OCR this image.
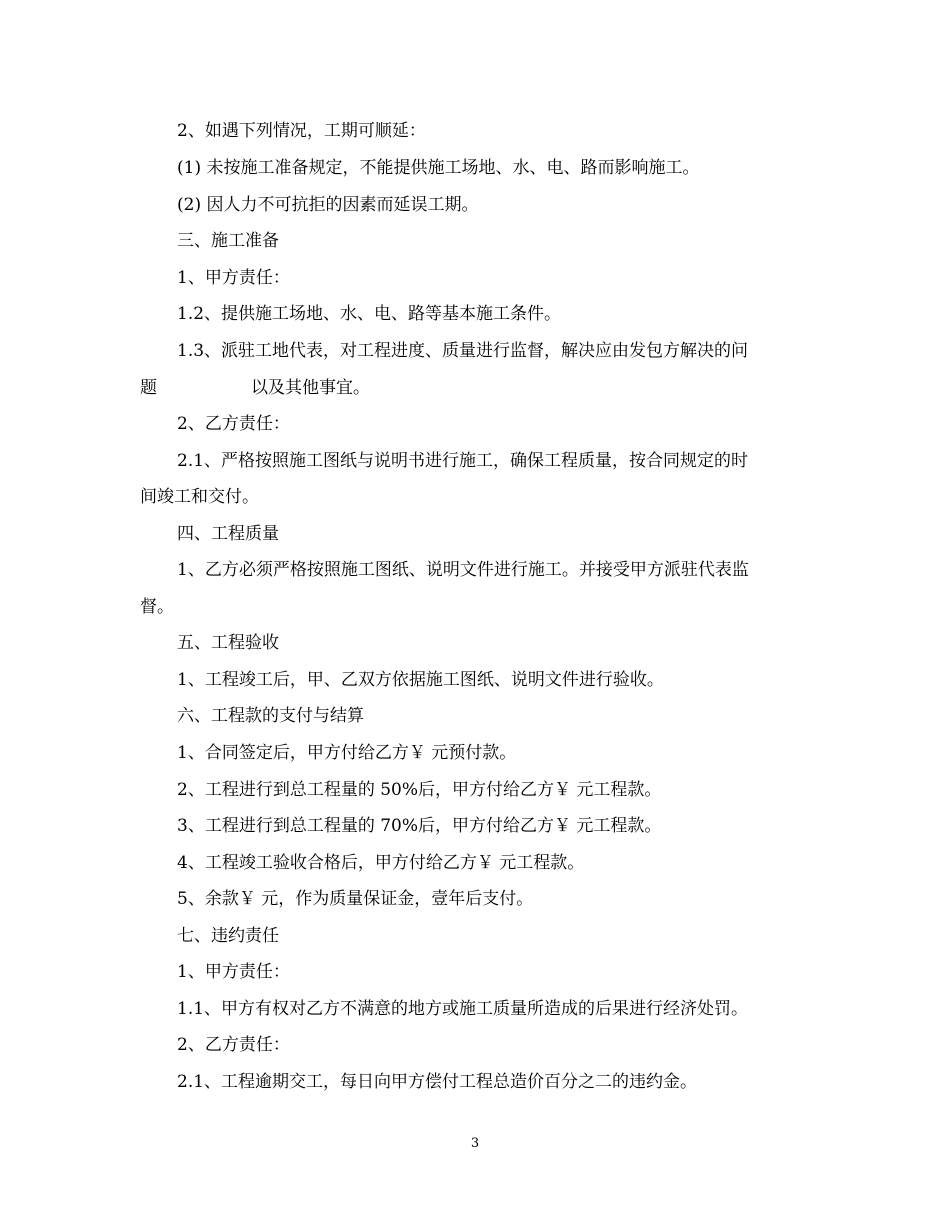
2、如遇下列情况，工期可顺延：
(1) 未按施工准备规定，不能提供施工场地、水、电、路而影响施工。
(2) 因人力不可抗拒的因素而延误工期。
三、施工准备
1、甲方责任：
1.2、提供施工场地、水、电、路等基本施工条件。
1.3、派驻工地代表，对工程进度、质量进行监督，解决应由发包方解决的问
题	以及其他事宜。
2、乙方责任：
2.1、严格按照施工图纸与说明书进行施工，确保工程质量，按合同规定的时
间竣工和交付。
四、工程质量
1、乙方必须严格按照施工图纸、说明文件进行施工。并接受甲方派驻代表监
督。
五、工程验收
1、工程竣工后，甲、乙双方依据施工图纸、说明文件进行验收。
六、工程款的支付与结算
1、合同签定后，甲方付给乙方￥ 元预付款。
2、工程进行到总工程量的 50%后，甲方付给乙方￥ 元工程款。
3、工程进行到总工程量的 70%后，甲方付给乙方￥ 元工程款。
4、工程竣工验收合格后，甲方付给乙方￥ 元工程款。
5、余款￥ 元，作为质量保证金，壹年后支付。
七、违约责任
1、甲方责任：
1.1、甲方有权对乙方不满意的地方或施工质量所造成的后果进行经济处罚。
2、乙方责任：
2.1、工程逾期交工，每日向甲方偿付工程总造价百分之二的违约金。
3
